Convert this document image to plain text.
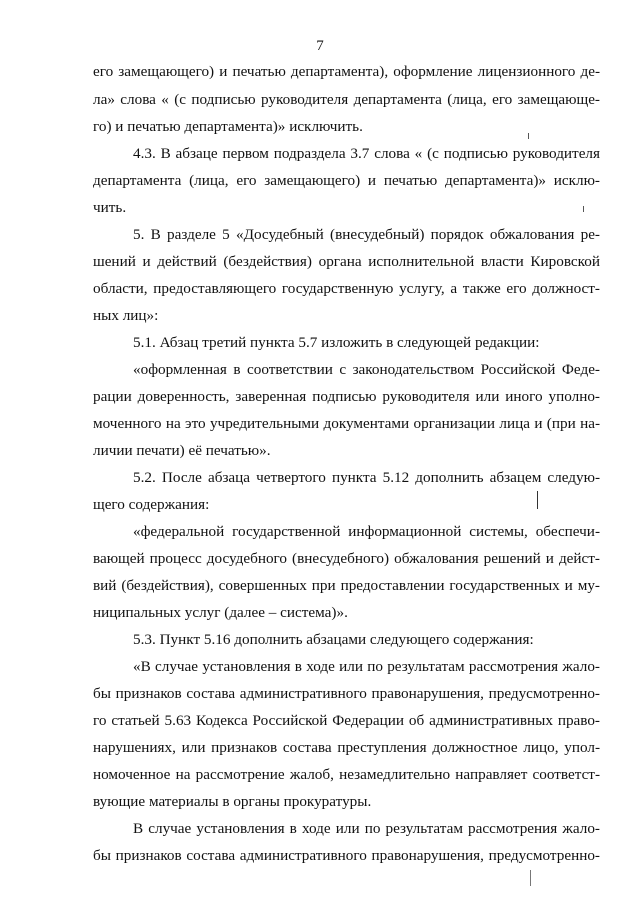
7
его замещающего) и печатью департамента), оформление лицензионного де-
ла» слова « (с подписью руководителя департамента (лица, его замещающе-
го) и печатью департамента)» исключить.
4.3. В абзаце первом подраздела 3.7 слова « (с подписью руководителя
департамента (лица, его замещающего) и печатью департамента)» исклю-
чить.
5. В разделе 5 «Досудебный (внесудебный) порядок обжалования ре-
шений и действий (бездействия) органа исполнительной власти Кировской
области, предоставляющего государственную услугу, а также его должност-
ных лиц»:
5.1. Абзац третий пункта 5.7 изложить в следующей редакции:
«оформленная в соответствии с законодательством Российской Феде-
рации доверенность, заверенная подписью руководителя или иного уполно-
моченного на это учредительными документами организации лица и (при на-
личии печати) её печатью».
5.2. После абзаца четвертого пункта 5.12 дополнить абзацем следую-
щего содержания:
«федеральной государственной информационной системы, обеспечи-
вающей процесс досудебного (внесудебного) обжалования решений и дейст-
вий (бездействия), совершенных при предоставлении государственных и му-
ниципальных услуг (далее – система)».
5.3. Пункт 5.16 дополнить абзацами следующего содержания:
«В случае установления в ходе или по результатам рассмотрения жало-
бы признаков состава административного правонарушения, предусмотренно-
го статьей 5.63 Кодекса Российской Федерации об административных право-
нарушениях, или признаков состава преступления должностное лицо, упол-
номоченное на рассмотрение жалоб, незамедлительно направляет соответст-
вующие материалы в органы прокуратуры.
В случае установления в ходе или по результатам рассмотрения жало-
бы признаков состава административного правонарушения, предусмотренно-
